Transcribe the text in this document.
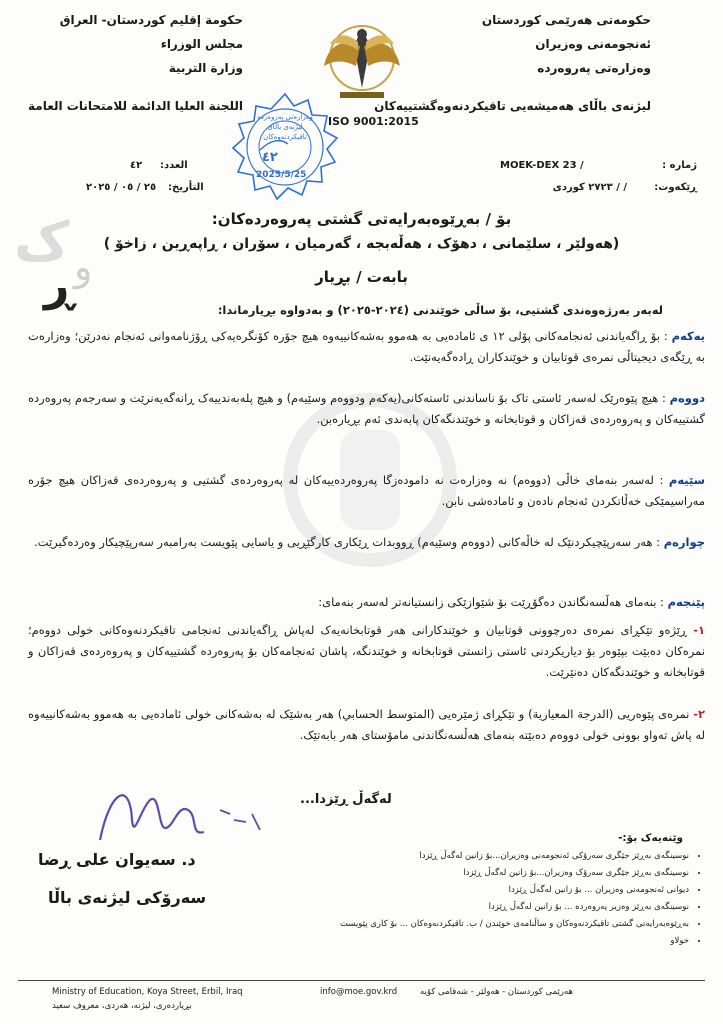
حکومەتی هەرێمی کوردستان
ئەنجومەنی وەزیران
وەزارەتی پەروەردە
لیژنەی باڵای هەمیشەیی تاقیکردنەوەگشتییەکان
حكومة إقليم كوردستان- العراق
مجلس الوزراء
وزارة التربية
اللجنة العليا الدائمة للامتحانات العامة
ISO 9001:2015
وەزارەتی پەروەردە لیژنەی باڵای تاقیکردنەوەکان
٤٢
2025/5/25
MOEK-DEX 23 /	ژمارە :
ڕێکەوت:
/ / ٢٧٢٣ کوردی
العدد:
٤٢
التأريخ:
٢٥ / ٠٥ / ٢٠٢٥
ک
ڕ و
بۆ / بەڕێوەبەرایەتی گشتی پەروەردەکان:
(هەولێر ، سلێمانی ، دهۆک ، هەڵەبجە ، گەرمیان ، سۆران ، ڕاپەڕین ، زاخۆ )
بابەت / بڕیار
لەبەر بەرژەوەندی گشتیی، بۆ ساڵی خوێندنی (٢٠٢٤-٢٠٢٥) و بەدواوە بڕیارماندا:
یەکەم : بۆ ڕاگەیاندنی ئەنجامەکانی پۆلی ١٢ ی ئامادەیی بە هەموو بەشەکانییەوە هیچ جۆرە کۆنگرەیەکی ڕۆژنامەوانی ئەنجام نەدرێن؛ وەزارەت بە ڕێگەی دیجیتاڵی نمرەی قوتابیان و خوێندکاران ڕادەگەیەنێت.
دووەم : هیچ پێوەرێک لەسەر ئاستی تاک بۆ ناساندنی ئاستەکانی(یەکەم ودووەم وسێیەم) و هیچ پلەبەندییەک ڕانەگەیەنرێت و سەرجەم پەروەردە گشتییەکان و پەروەردەی قەزاکان و قوتابخانە و خوێندنگەکان پابەندی ئەم بڕیارەبن.
سێیەم : لەسەر بنەمای خاڵی (دووەم) نە وەزارەت نە دامودەزگا پەروەردەییەکان لە پەروەردەی گشتیی و پەروەردەی قەزاکان هیچ جۆرە مەراسیمێکی خەڵاتکردن ئەنجام نادەن و ئامادەشی نابن.
چوارەم : هەر سەرپێچیکردنێک لە خاڵەکانی (دووەم وسێیەم) ڕووبدات ڕێکاری کارگێڕیی و یاسایی پێویست بەرامبەر سەرپێچیکار وەردەگیرێت.
پێنجەم : بنەمای هەڵسەنگاندن دەگۆڕێت بۆ شێوازێکی زانستیانەتر لەسەر بنەمای:
١- ڕێژەو تێکڕای نمرەی دەرچوونی قوتابیان و خوێندکارانی هەر قوتابخانەیەک لەپاش ڕاگەیاندنی ئەنجامی تاقیکردنەوەکانی خولی دووەم؛ نمرەکان دەبێت بپێوەر بۆ دیاریکردنی ئاستی زانستی قوتابخانە و خوێندنگە، پاشان ئەنجامەکان بۆ پەروەردە گشتییەکان و پەروەردەی قەزاکان و قوتابخانە و خوێندنگەکان دەنێرێت.
٢- نمرەی پێوەریی (الدرجة المعيارية) و تێکڕای ژمێرەیی (المتوسط الحسابي) هەر بەشێک لە بەشەکانی خولی ئامادەیی بە هەموو بەشەکانییەوە لە پاش تەواو بوونی خولی دووەم دەبێتە بنەمای هەڵسەنگاندنی مامۆستای هەر بابەتێک.
لەگەڵ ڕێزدا...
د. سەیوان علی ڕضا
سەرۆکی لیژنەی باڵا
وێنەیەک بۆ:-
• نوسینگەی بەڕێز جێگری سەرۆکی ئەنجومەنی وەزیران...بۆ زانین لەگەڵ ڕێزدا
• نوسینگەی بەڕێز جێگری سەرۆک وەزیران...بۆ زانین لەگەڵ ڕێزدا
• دیوانی ئەنجومەنی وەزیران ... بۆ زانین لەگەڵ ڕێزدا
• نوسینگەی بەڕێز وەزیر پەروەردە ... بۆ زانین لەگەڵ ڕێزدا
• بەڕێوەبەرایەتی گشتی تاقیکردنەوەکان و ساڵنامەی خوێندن / ب. تاقیکردنەوەکان ... بۆ کاری پێویست
• خولاو
Ministry of Education, Koya Street, Erbil, Iraq
بڕیاردەری، لیژنە، هەردی، معروف سعید
info@moe.gov.krd	هەرێمی کوردستان - هەولێر - شەقامی کۆیە
